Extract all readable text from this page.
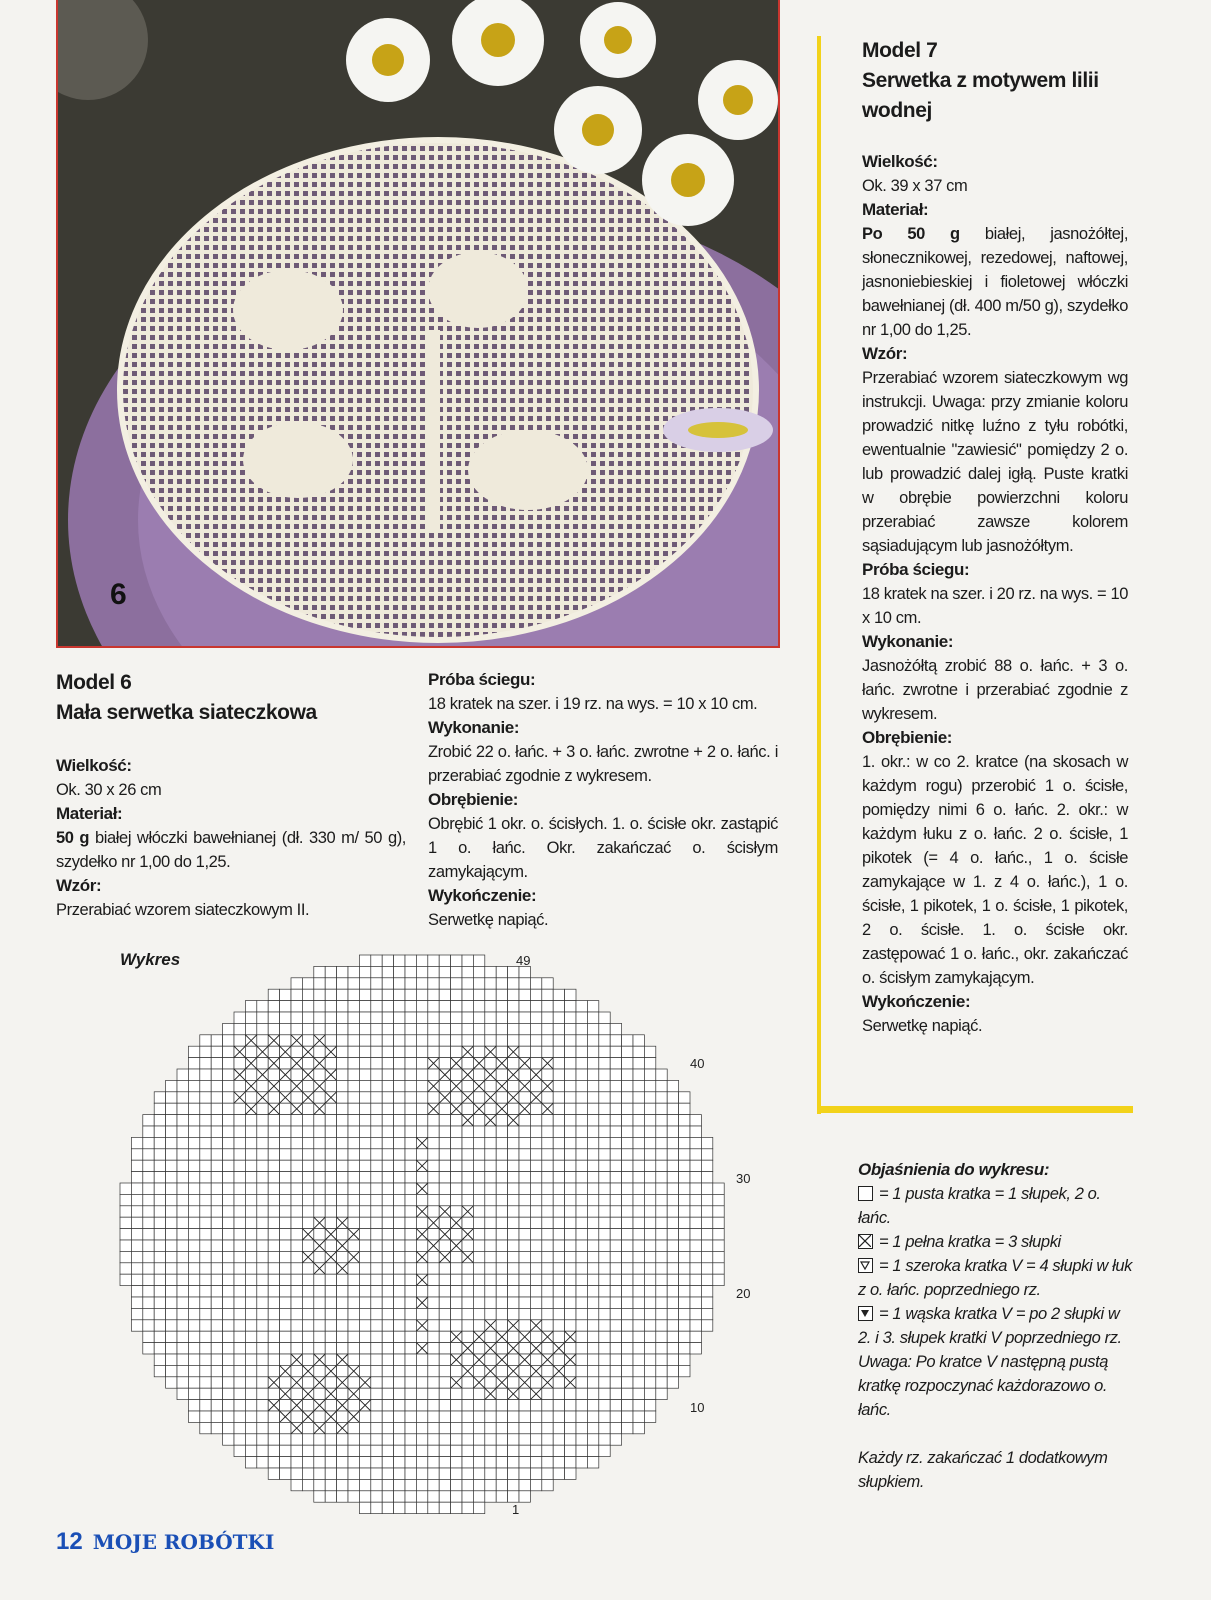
6
Model 6
Mała serwetka siateczkowa
Wielkość:
Ok. 30 x 26 cm
Materiał:
50 g białej włóczki bawełnianej (dł. 330 m/ 50 g), szydełko nr 1,00 do 1,25.
Wzór:
Przerabiać wzorem siateczkowym II.
Próba ściegu:
18 kratek na szer. i 19 rz. na wys. = 10 x 10 cm.
Wykonanie:
Zrobić 22 o. łańc. + 3 o. łańc. zwrotne + 2 o. łańc. i przerabiać zgodnie z wykresem.
Obrębienie:
Obrębić 1 okr. o. ścisłych. 1. o. ścisłe okr. zastąpić 1 o. łańc. Okr. zakańczać o. ścisłym zamykającym.
Wykończenie:
Serwetkę napiąć.
Model 7
Serwetka z motywem lilii wodnej
Wielkość:
Ok. 39 x 37 cm
Materiał:
Po 50 g białej, jasnożółtej, słonecznikowej, rezedowej, naftowej, jasnoniebieskiej i fioletowej włóczki bawełnianej (dł. 400 m/50 g), szydełko nr 1,00 do 1,25.
Wzór:
Przerabiać wzorem siateczkowym wg instrukcji. Uwaga: przy zmianie koloru prowadzić nitkę luźno z tyłu robótki, ewentualnie "zawiesić" pomiędzy 2 o. lub prowadzić dalej igłą. Puste kratki w obrębie powierzchni koloru przerabiać zawsze kolorem sąsiadującym lub jasnożółtym.
Próba ściegu:
18 kratek na szer. i 20 rz. na wys. = 10 x 10 cm.
Wykonanie:
Jasnożółtą zrobić 88 o. łańc. + 3 o. łańc. zwrotne i przerabiać zgodnie z wykresem.
Obrębienie:
1. okr.: w co 2. kratce (na skosach w każdym rogu) przerobić 1 o. ścisłe, pomiędzy nimi 6 o. łańc. 2. okr.: w każdym łuku z o. łańc. 2 o. ścisłe, 1 pikotek (= 4 o. łańc., 1 o. ścisłe zamykające w 1. z 4 o. łańc.), 1 o. ścisłe, 1 pikotek, 1 o. ścisłe, 1 pikotek, 2 o. ścisłe. 1. o. ścisłe okr. zastępować 1 o. łańc., okr. zakańczać o. ścisłym zamykającym.
Wykończenie:
Serwetkę napiąć.
Wykres	49
40
30
20
10
1
Objaśnienia do wykresu:
= 1 pusta kratka = 1 słupek, 2 o. łańc.
= 1 pełna kratka = 3 słupki
= 1 szeroka kratka V = 4 słupki w łuk z o. łańc. poprzedniego rz.
= 1 wąska kratka V = po 2 słupki w 2. i 3. słupek kratki V poprzedniego rz.
Uwaga: Po kratce V następną pustą kratkę rozpoczynać każdorazowo o. łańc.
Każdy rz. zakańczać 1 dodatkowym słupkiem.
12 MOJE ROBÓTKI
